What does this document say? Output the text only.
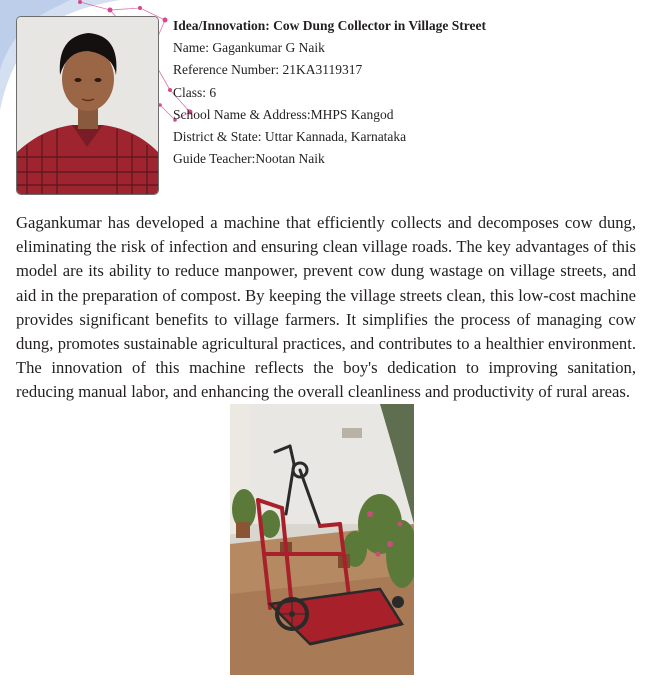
Idea/Innovation: Cow Dung Collector in Village Street
Name: Gagankumar G Naik
Reference Number: 21KA3119317
Class: 6
School Name & Address:MHPS Kangod
District & State: Uttar Kannada, Karnataka
Guide Teacher:Nootan Naik
Gagankumar has developed a machine that efficiently collects and decomposes cow dung, eliminating the risk of infection and ensuring clean village roads. The key advantages of this model are its ability to reduce manpower, prevent cow dung wastage on village streets, and aid in the preparation of compost. By keeping the village streets clean, this low-cost machine provides significant benefits to village farmers. It simplifies the process of managing cow dung, promotes sustainable agricultural practices, and contributes to a healthier environment. The innovation of this machine reflects the boy's dedication to improving sanitation, reducing manual labor, and enhancing the overall cleanliness and productivity of rural areas.
